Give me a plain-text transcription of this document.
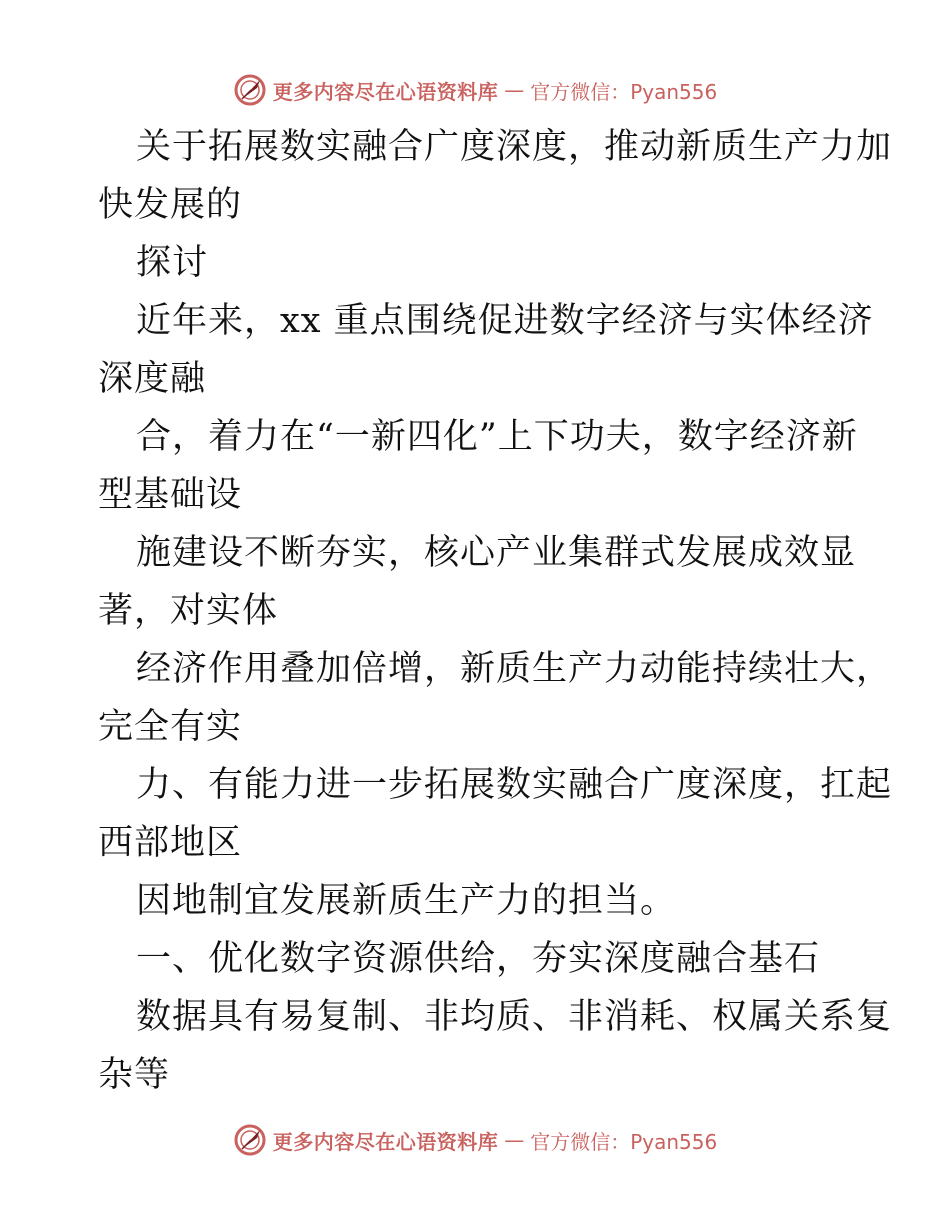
更多内容尽在心语资料库 — 官方微信：Pyan556
关于拓展数实融合广度深度，推动新质生产力加
快发展的
探讨
近年来，xx 重点围绕促进数字经济与实体经济
深度融
合，着力在“一新四化”上下功夫，数字经济新
型基础设
施建设不断夯实，核心产业集群式发展成效显
著，对实体
经济作用叠加倍增，新质生产力动能持续壮大，
完全有实
力、有能力进一步拓展数实融合广度深度，扛起
西部地区
因地制宜发展新质生产力的担当。
一、优化数字资源供给，夯实深度融合基石
数据具有易复制、非均质、非消耗、权属关系复
杂等
更多内容尽在心语资料库 — 官方微信：Pyan556
